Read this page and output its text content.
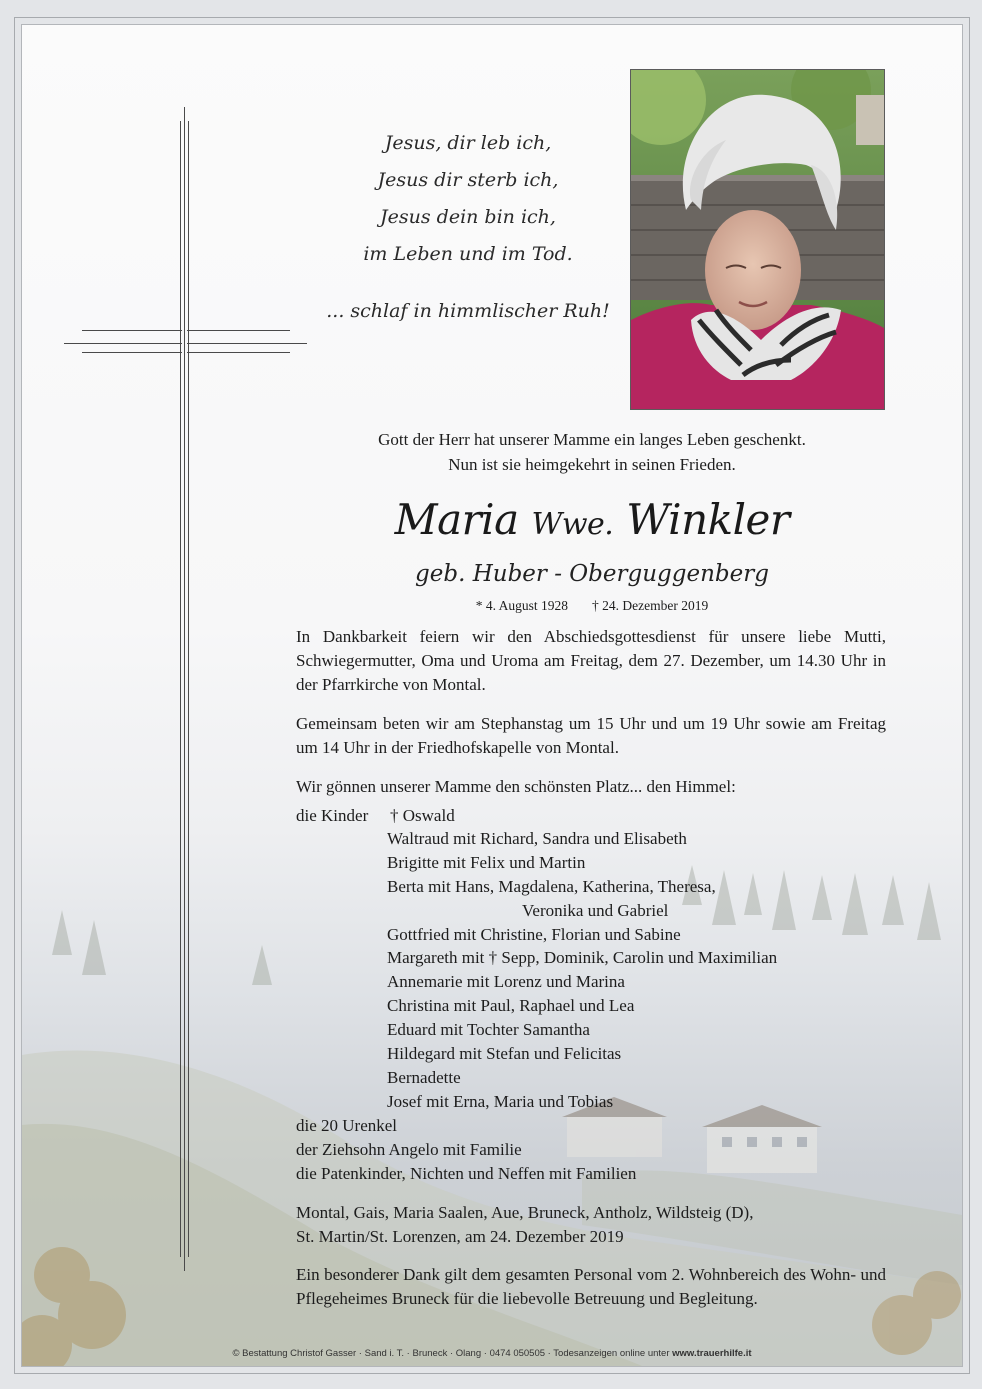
Jesus, dir leb ich,
Jesus dir sterb ich,
Jesus dein bin ich,
im Leben und im Tod.
... schlaf in himmlischer Ruh!
Gott der Herr hat unserer Mamme ein langes Leben geschenkt.
Nun ist sie heimgekehrt in seinen Frieden.
Maria Wwe. Winkler
geb. Huber - Oberguggenberg
* 4. August 1928 † 24. Dezember 2019
In Dankbarkeit feiern wir den Abschiedsgottesdienst für unsere liebe Mutti, Schwiegermutter, Oma und Uroma am Freitag, dem 27. Dezember, um 14.30 Uhr in der Pfarrkirche von Montal.
Gemeinsam beten wir am Stephanstag um 15 Uhr und um 19 Uhr sowie am Freitag um 14 Uhr in der Friedhofskapelle von Montal.
Wir gönnen unserer Mamme den schönsten Platz... den Himmel:
die Kinder † Oswald
Waltraud mit Richard, Sandra und Elisabeth
Brigitte mit Felix und Martin
Berta mit Hans, Magdalena, Katherina, Theresa,
Veronika und Gabriel
Gottfried mit Christine, Florian und Sabine
Margareth mit † Sepp, Dominik, Carolin und Maximilian
Annemarie mit Lorenz und Marina
Christina mit Paul, Raphael und Lea
Eduard mit Tochter Samantha
Hildegard mit Stefan und Felicitas
Bernadette
Josef mit Erna, Maria und Tobias
die 20 Urenkel
der Ziehsohn Angelo mit Familie
die Patenkinder, Nichten und Neffen mit Familien
Montal, Gais, Maria Saalen, Aue, Bruneck, Antholz, Wildsteig (D),
St. Martin/St. Lorenzen, am 24. Dezember 2019
Ein besonderer Dank gilt dem gesamten Personal vom 2. Wohnbereich des Wohn- und Pflegeheimes Bruneck für die liebevolle Betreuung und Begleitung.
© Bestattung Christof Gasser · Sand i. T. · Bruneck · Olang · 0474 050505 · Todesanzeigen online unter www.trauerhilfe.it
